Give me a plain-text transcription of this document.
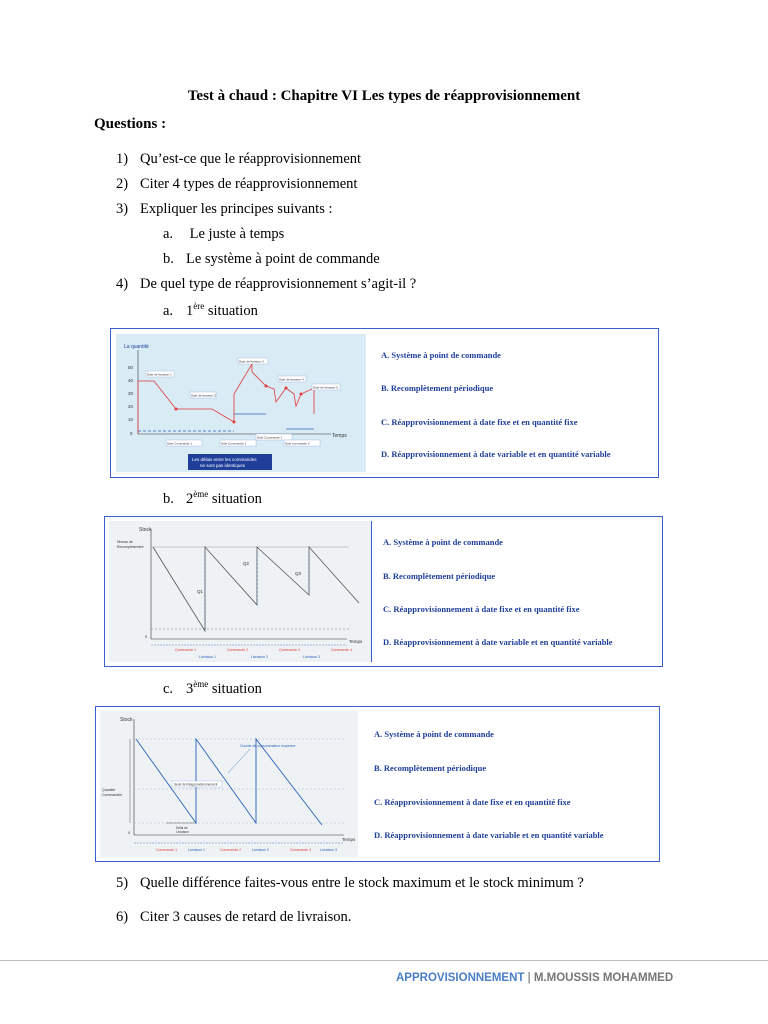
Test à chaud : Chapitre VI Les types de réapprovisionnement
Questions :
1) Qu’est-ce que le réapprovisionnement
2) Citer 4 types de réapprovisionnement
3) Expliquer les principes suivants :
a. Le juste à temps
b. Le système à point de commande
4) De quel type de réapprovisionnement s’agit-il ?
a. 1ère situation
La quantité
Temps
50
40
30
20
10
0
Date de livraison 1
Date de livraison 2
Date de livraison 3
Date de livraison 4
Date de livraison 5
Date Commande 1	Date Commande 1
Date Commande 1
Date commande 3
Les délais entre les commandes
ne sont pas identiques
A. Système à point de commande
B. Recomplètement périodique
C. Réapprovisionnement à date fixe et en quantité fixe
D. Réapprovisionnement à date variable et en quantité variable
b. 2ème situation
Stock
Temps
Niveau de
Recomplètement
0
Q1
Q2
Q3
Commande 1	Commande 2	Commande 3	Commande 4
Livraison 1	Livraison 2	Livraison 3
A. Système à point de commande
B. Recomplètement périodique
C. Réapprovisionnement à date fixe et en quantité fixe
D. Réapprovisionnement à date variable et en quantité variable
c. 3ème situation
Stock
Temps
0
Courbe de consommation moyenne
Seuil de Réapprovisionnement
Quantité
Commandée
Délai de
Livraison
Commande 1	Livraison 1	Commande 2	Livraison 2	Commande 3	Livraison 3
A. Système à point de commande
B. Recomplètement périodique
C. Réapprovisionnement à date fixe et en quantité fixe
D. Réapprovisionnement à date variable et en quantité variable
5) Quelle différence faites-vous entre le stock maximum et le stock minimum ?
6) Citer 3 causes de retard de livraison.
APPROVISIONNEMENT | M.MOUSSIS MOHAMMED
